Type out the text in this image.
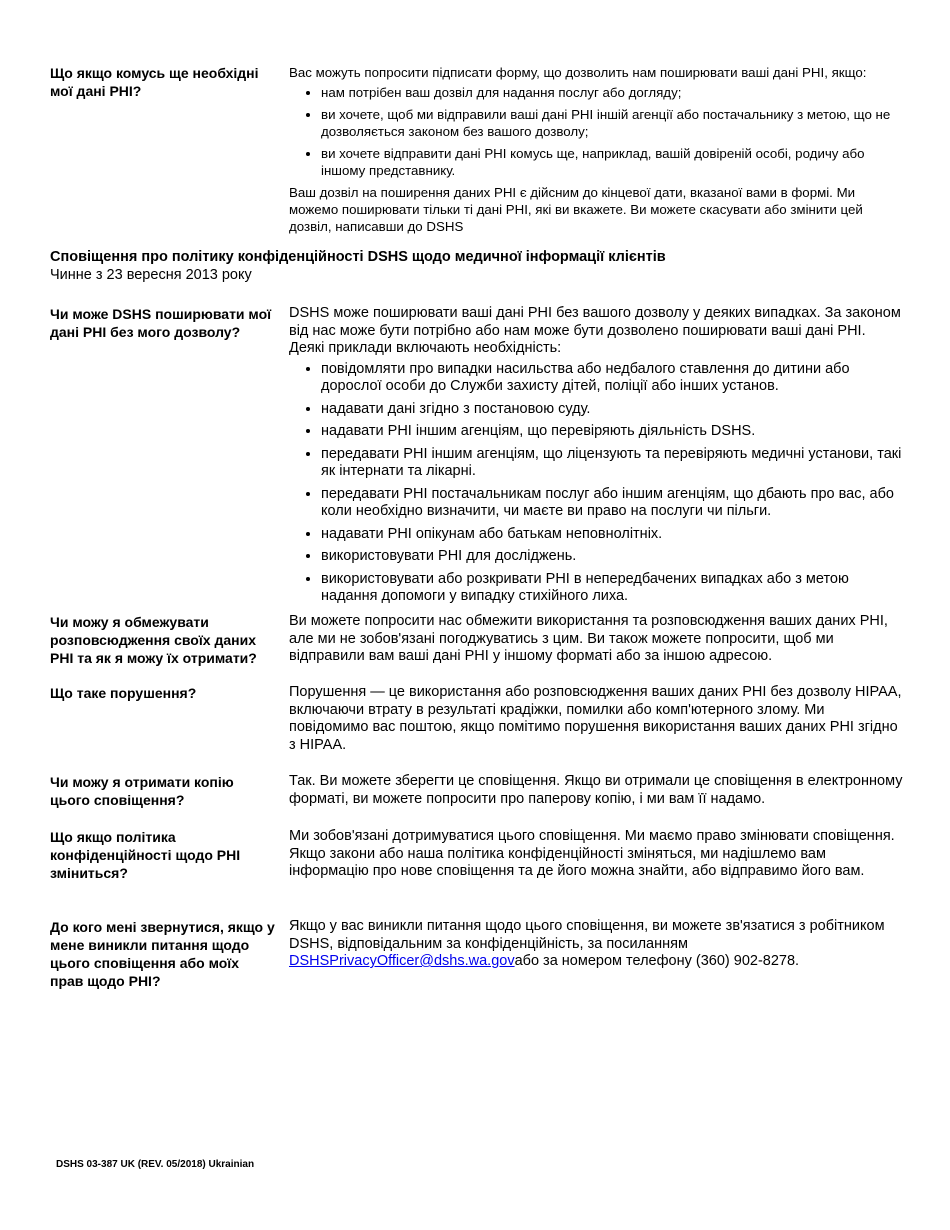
Що якщо комусь ще необхідні мої дані PHI?

Вас можуть попросити підписати форму, що дозволить нам поширювати ваші дані PHI, якщо:

• нам потрібен ваш дозвіл для надання послуг або догляду;
• ви хочете, щоб ми відправили ваші дані PHI іншій агенції або постачальнику з метою, що не дозволяється законом без вашого дозволу;
• ви хочете відправити дані PHI комусь ще, наприклад, вашій довіреній особі, родичу або іншому представнику.

Ваш дозвіл на поширення даних PHI є дійсним до кінцевої дати, вказаної вами в формі. Ми можемо поширювати тільки ті дані PHI, які ви вкажете. Ви можете скасувати або змінити цей дозвіл, написавши до DSHS

Сповіщення про політику конфіденційності DSHS щодо медичної інформації клієнтів
Чинне з 23 вересня 2013 року
Чи може DSHS поширювати мої дані PHI без мого дозволу?

DSHS може поширювати ваші дані PHI без вашого дозволу у деяких випадках. За законом від нас може бути потрібно або нам може бути дозволено поширювати ваші дані PHI. Деякі приклади включають необхідність:

• повідомляти про випадки насильства або недбалого ставлення до дитини або дорослої особи до Служби захисту дітей, поліції або інших установ.
• надавати дані згідно з постановою суду.
• надавати PHI іншим агенціям, що перевіряють діяльність DSHS.
• передавати PHI іншим агенціям, що ліцензують та перевіряють медичні установи, такі як інтернати та лікарні.
• передавати PHI постачальникам послуг або іншим агенціям, що дбають про вас, або коли необхідно визначити, чи маєте ви право на послуги чи пільги.
• надавати PHI опікунам або батькам неповнолітніх.
• використовувати PHI для досліджень.
• використовувати або розкривати PHI в непередбачених випадках або з метою надання допомоги у випадку стихійного лиха.
Чи можу я обмежувати розповсюдження своїх даних PHI та як я можу їх отримати?
Ви можете попросити нас обмежити використання та розповсюдження ваших даних PHI, але ми не зобов'язані погоджуватись з цим. Ви також можете попросити, щоб ми відправили вам ваші дані PHI у іншому форматі або за іншою адресою.
Що таке порушення?	Порушення — це використання або розповсюдження ваших даних PHI без дозволу HIPAA, включаючи втрату в результаті крадіжки, помилки або комп'ютерного злому. Ми повідомимо вас поштою, якщо помітимо порушення використання ваших даних PHI згідно з HIPAA.
Чи можу я отримати копію цього сповіщення?
Так. Ви можете зберегти це сповіщення. Якщо ви отримали це сповіщення в електронному форматі, ви можете попросити про паперову копію, і ми вам її надамо.
Що якщо політика конфіденційності щодо PHI зміниться?
Ми зобов'язані дотримуватися цього сповіщення. Ми маємо право змінювати сповіщення. Якщо закони або наша політика конфіденційності зміняться, ми надішлемо вам інформацію про нове сповіщення та де його можна знайти, або відправимо його вам.
До кого мені звернутися, якщо у мене виникли питання щодо цього сповіщення або моїх прав щодо PHI?
Якщо у вас виникли питання щодо цього сповіщення, ви можете зв'язатися з робітником DSHS, відповідальним за конфіденційність, за посиланням DSHSPrivacyOfficer@dshs.wa.govабо за номером телефону (360) 902-8278.
DSHS 03-387 UK (REV. 05/2018) Ukrainian
